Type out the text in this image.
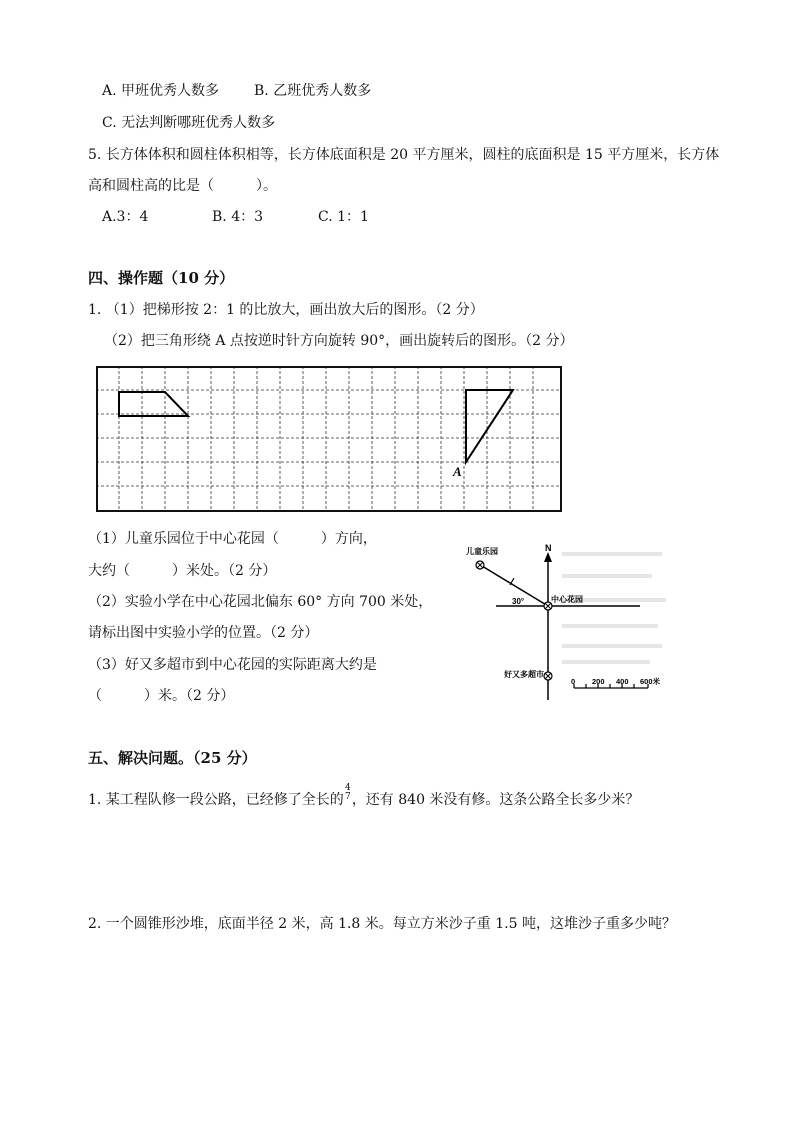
A. 甲班优秀人数多 B. 乙班优秀人数多
C. 无法判断哪班优秀人数多
5. 长方体体积和圆柱体积相等，长方体底面积是 20 平方厘米，圆柱的底面积是 15 平方厘米，长方体
高和圆柱高的比是（　　　）。
A.3：4	B. 4：3	C. 1：1
四、操作题（10 分）
1. （1）把梯形按 2：1 的比放大，画出放大后的图形。（2 分）
（2）把三角形绕 A 点按逆时针方向旋转 90°，画出旋转后的图形。（2 分）
A
（1）儿童乐园位于中心花园（　　　）方向，
大约（　　　）米处。（2 分）
（2）实验小学在中心花园北偏东 60° 方向 700 米处，
请标出图中实验小学的位置。（2 分）
（3）好又多超市到中心花园的实际距离大约是
（　　　）米。（2 分）
N
儿童乐园
中心花园
30°
好又多超市
0 200 400 600米
五、解决问题。（25 分）
1. 某工程队修一段公路，已经修了全长的
4
7 ，还有 840 米没有修。这条公路全长多少米？
2. 一个圆锥形沙堆，底面半径 2 米，高 1.8 米。每立方米沙子重 1.5 吨，这堆沙子重多少吨？
